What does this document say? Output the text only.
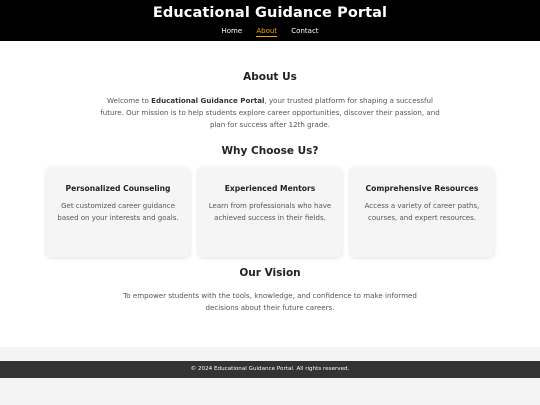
Educational Guidance Portal
Home About Contact
About Us
Welcome to Educational Guidance Portal, your trusted platform for shaping a successful future. Our mission is to help students explore career opportunities, discover their passion, and plan for success after 12th grade.
Why Choose Us?
Our Vision
To empower students with the tools, knowledge, and confidence to make informed decisions about their future careers.
Personalized Counseling
Get customized career guidance based on your interests and goals.
Experienced Mentors
Learn from professionals who have achieved success in their fields.
Comprehensive Resources
Access a variety of career paths, courses, and expert resources.
© 2024 Educational Guidance Portal. All rights reserved.
